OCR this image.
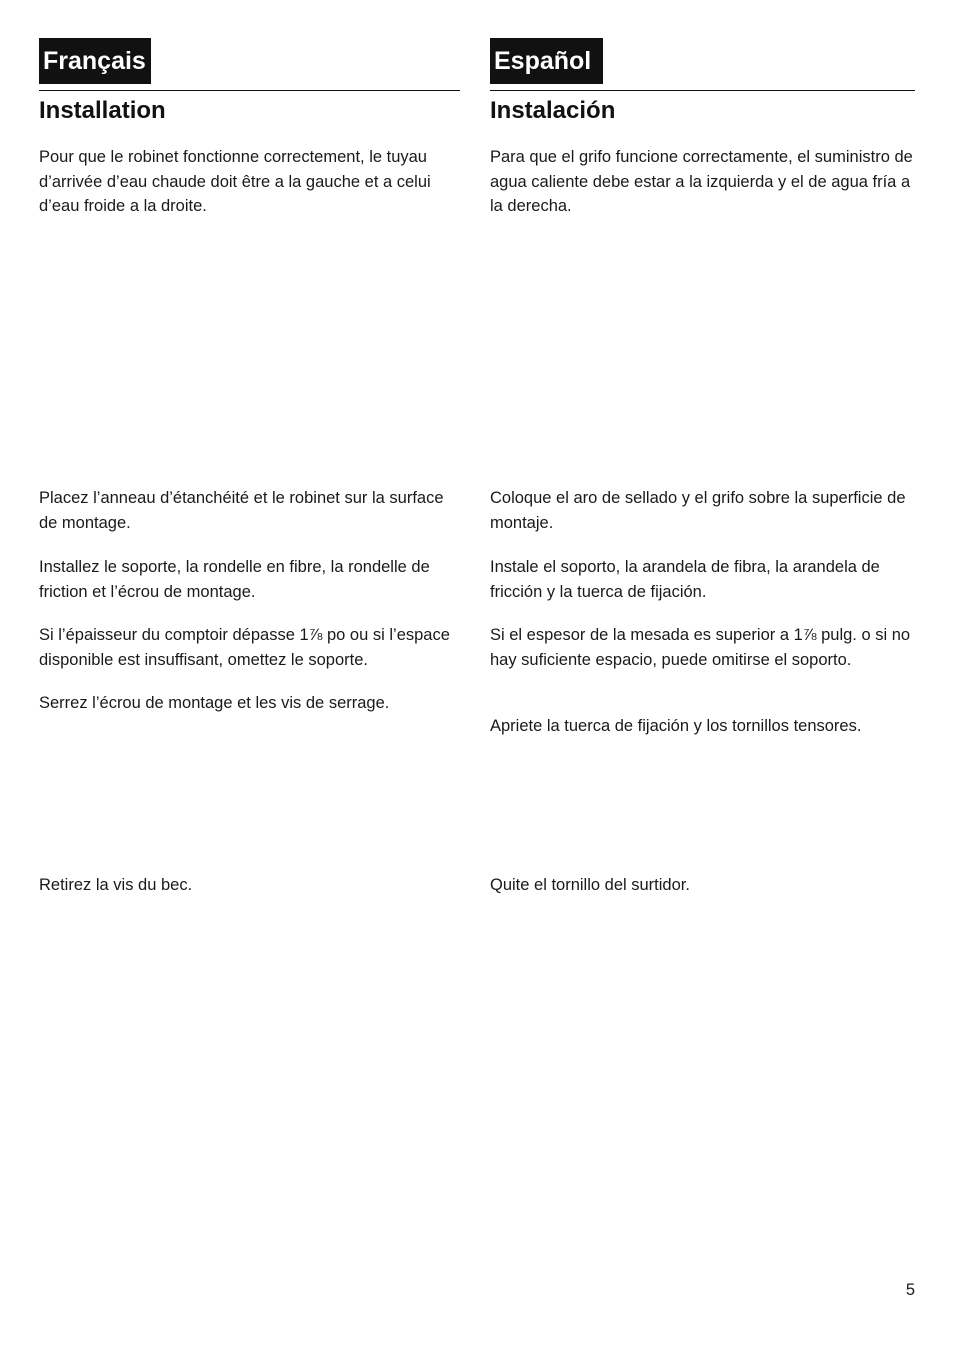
Français
Installation
Español
Instalación

Pour que le robinet fonctionne correctement, le tuyau d’arrivée d’eau chaude doit être a la gauche et a celui d’eau froide a la droite.

Placez l’anneau d’étanchéité et le robinet sur la surface de montage.

Installez le soporte, la rondelle en fibre, la rondelle de friction et l’écrou de montage.

Si l’épaisseur du comptoir dépasse 1⅞ po ou si l’espace disponible est insuffisant, omettez le soporte.

Serrez l’écrou de montage et les vis de serrage.

Retirez la vis du bec.

Para que el grifo funcione correctamente, el suministro de agua caliente debe estar a la izquierda y el de agua fría a la derecha.

Coloque el aro de sellado y el grifo sobre la superficie de montaje.

Instale el soporto, la arandela de fibra, la arandela de fricción y la tuerca de fijación.

Si el espesor de la mesada es superior a 1⅞ pulg. o si no hay suficiente espacio, puede omitirse el soporto.

Apriete la tuerca de fijación y los tornillos tensores.

Quite el tornillo del surtidor.

5
